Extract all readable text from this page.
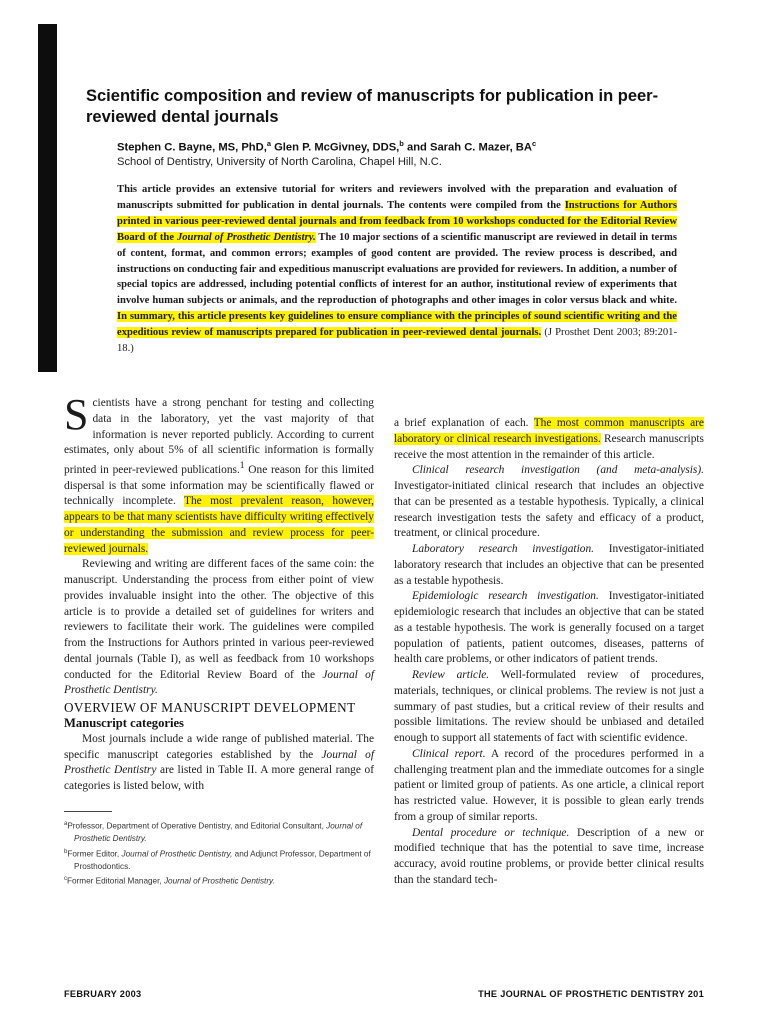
Scientific composition and review of manuscripts for publication in peer-reviewed dental journals
Stephen C. Bayne, MS, PhD,$^a$ Glen P. McGivney, DDS,$^b$ and Sarah C. Mazer, $BA^c$
School of Dentistry, University of North Carolina, Chapel Hill, N.C.

This article provides an extensive tutorial for writers and reviewers involved with the preparation and evaluation of manuscripts submitted for publication in dental journals. The contents were compiled from the Instructions for Authors printed in various peer-reviewed dental journals and from feedback from 10 workshops conducted for the Editorial Review Board of the Journal of Prosthetic Dentistry. The 10 major sections of a scientific manuscript are reviewed in detail in terms of content, format, and common errors; examples of good content are provided. The review process is described, and instructions on conducting fair and expeditious manuscript evaluations are provided for reviewers. In addition, a number of special topics are addressed, including potential conflicts of interest for an author, institutional review of experiments that involve human subjects or animals, and the reproduction of photographs and other images in color versus black and white. In summary, this article presents key guidelines to ensure compliance with the principles of sound scientific writing and the expeditious review of manuscripts prepared for publication in peer-reviewed dental journals. (J Prosthet Dent 2003; 89:201-18.)

Scientists have a strong penchant for testing and collecting data in the laboratory, yet the vast majority of that information is never reported publicly. According to current estimates, only about 5% of all scientific information is formally printed in peer-reviewed publications.$^1$ One reason for this limited dispersal is that some information may be scientifically flawed or technically incomplete. The most prevalent reason, however, appears to be that many scientists have difficulty writing effectively or understanding the submission and review process for peer-reviewed journals.

Reviewing and writing are different faces of the same coin: the manuscript. Understanding the process from either point of view provides invaluable insight into the other. The objective of this article is to provide a detailed set of guidelines for writers and reviewers to facilitate their work. The guidelines were compiled from the Instructions for Authors printed in various peer-reviewed dental journals (Table I), as well as feedback from 10 workshops conducted for the Editorial Review Board of the Journal of Prosthetic Dentistry.

OVERVIEW OF MANUSCRIPT DEVELOPMENT

Manuscript categories

Most journals include a wide range of published material. The specific manuscript categories established by the Journal of Prosthetic Dentistry are listed in Table II. A more general range of categories is listed below, with

$^a$Professor, Department of Operative Dentistry, and Editorial Consultant, Journal of Prosthetic Dentistry.

$^b$Former Editor, Journal of Prosthetic Dentistry, and Adjunct Professor, Department of Prosthodontics.

$^c$Former Editorial Manager, Journal of Prosthetic Dentistry.

a brief explanation of each. The most common manuscripts are laboratory or clinical research investigations. Research manuscripts receive the most attention in the remainder of this article.

Clinical research investigation (and meta-analysis). Investigator-initiated clinical research that includes an objective that can be presented as a testable hypothesis. Typically, a clinical research investigation tests the safety and efficacy of a product, treatment, or clinical procedure.

Laboratory research investigation. Investigator-initiated laboratory research that includes an objective that can be presented as a testable hypothesis.

Epidemiologic research investigation. Investigator-initiated epidemiologic research that includes an objective that can be stated as a testable hypothesis. The work is generally focused on a target population of patients, patient outcomes, diseases, patterns of health care problems, or other indicators of patient trends.

Review article. Well-formulated review of procedures, materials, techniques, or clinical problems. The review is not just a summary of past studies, but a critical review of their results and possible limitations. The review should be unbiased and detailed enough to support all statements of fact with scientific evidence.

Clinical report. A record of the procedures performed in a challenging treatment plan and the immediate outcomes for a single patient or limited group of patients. As one article, a clinical report has restricted value. However, it is possible to glean early trends from a group of similar reports.

Dental procedure or technique. Description of a new or modified technique that has the potential to save time, increase accuracy, avoid routine problems, or provide better clinical results than the standard tech-

FEBRUARY 2003	THE JOURNAL OF PROSTHETIC DENTISTRY 201
